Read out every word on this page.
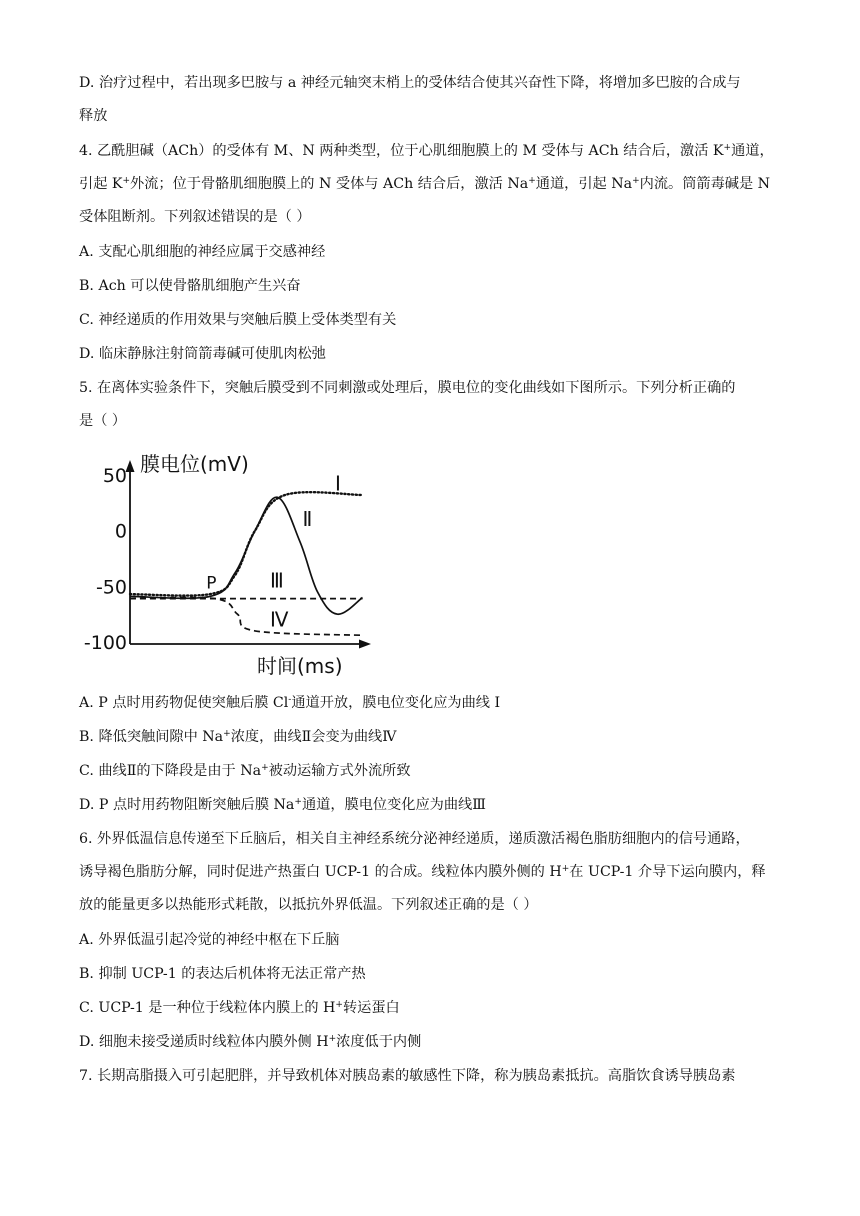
D. 治疗过程中，若出现多巴胺与 a 神经元轴突末梢上的受体结合使其兴奋性下降，将增加多巴胺的合成与
释放
4. 乙酰胆碱（ACh）的受体有 M、N 两种类型，位于心肌细胞膜上的 M 受体与 ACh 结合后，激活 K+通道，
引起 K+外流；位于骨骼肌细胞膜上的 N 受体与 ACh 结合后，激活 Na+通道，引起 Na+内流。筒箭毒碱是 N
受体阻断剂。下列叙述错误的是（ ）
A. 支配心肌细胞的神经应属于交感神经
B. Ach 可以使骨骼肌细胞产生兴奋
C. 神经递质的作用效果与突触后膜上受体类型有关
D. 临床静脉注射筒箭毒碱可使肌肉松弛
5. 在离体实验条件下，突触后膜受到不同刺激或处理后，膜电位的变化曲线如下图所示。下列分析正确的
是（ ）
膜电位(mV)
时间(ms)
50
0
-50
-100
I
Ⅱ
Ⅲ
Ⅳ
P
A. P 点时用药物促使突触后膜 Cl-通道开放，膜电位变化应为曲线 I
B. 降低突触间隙中 Na+浓度，曲线Ⅱ会变为曲线Ⅳ
C. 曲线Ⅱ的下降段是由于 Na+被动运输方式外流所致
D. P 点时用药物阻断突触后膜 Na+通道，膜电位变化应为曲线Ⅲ
6. 外界低温信息传递至下丘脑后，相关自主神经系统分泌神经递质，递质激活褐色脂肪细胞内的信号通路，
诱导褐色脂肪分解，同时促进产热蛋白 UCP-1 的合成。线粒体内膜外侧的 H+在 UCP-1 介导下运向膜内，释
放的能量更多以热能形式耗散，以抵抗外界低温。下列叙述正确的是（ ）
A. 外界低温引起冷觉的神经中枢在下丘脑
B. 抑制 UCP-1 的表达后机体将无法正常产热
C. UCP-1 是一种位于线粒体内膜上的 H+转运蛋白
D. 细胞未接受递质时线粒体内膜外侧 H+浓度低于内侧
7. 长期高脂摄入可引起肥胖，并导致机体对胰岛素的敏感性下降，称为胰岛素抵抗。高脂饮食诱导胰岛素
